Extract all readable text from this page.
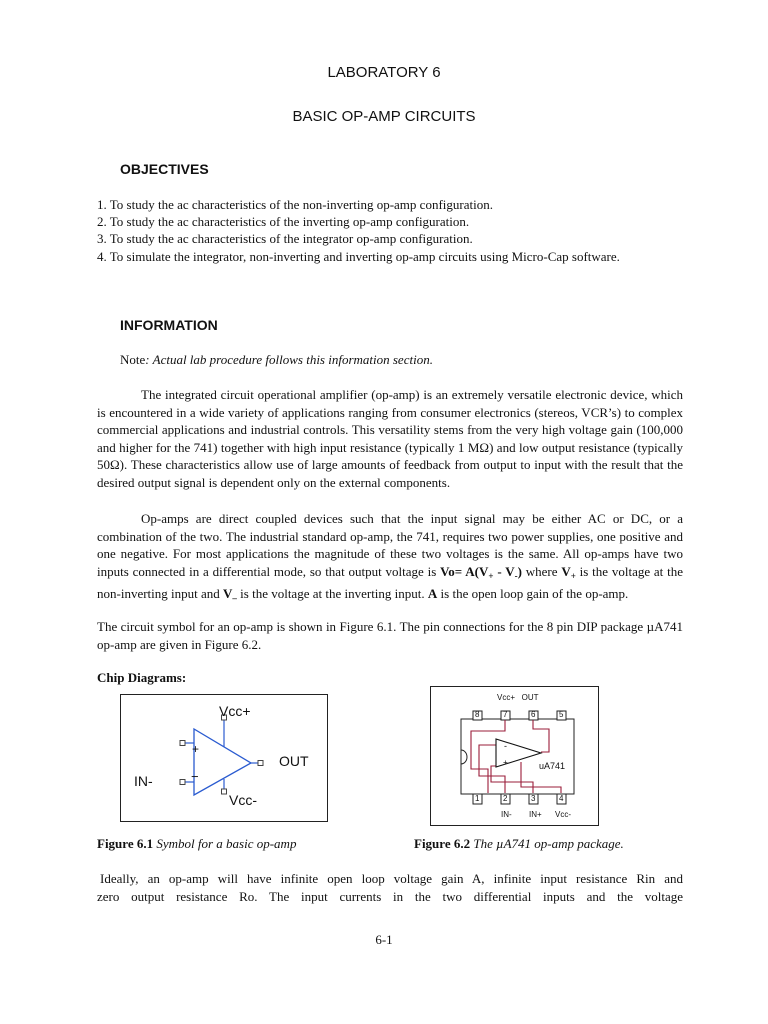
LABORATORY 6
BASIC OP-AMP CIRCUITS
OBJECTIVES
1. To study the ac characteristics of the non-inverting op-amp configuration.
2. To study the ac characteristics of the inverting op-amp configuration.
3. To study the ac characteristics of the integrator op-amp configuration.

4. To simulate the integrator, non-inverting and inverting op-amp circuits using Micro-Cap software.

INFORMATION
Note: Actual lab procedure follows this information section.

The integrated circuit operational amplifier (op-amp) is an extremely versatile electronic device, which is encountered in a wide variety of applications ranging from consumer electronics (stereos, VCR’s) to complex commercial applications and industrial controls. This versatility stems from the very high voltage gain (100,000 and higher for the 741) together with high input resistance (typically 1 MΩ) and low output resistance (typically 50Ω). These characteristics allow use of large amounts of feedback from output to input with the result that the desired output signal is dependent only on the external components.

Op-amps are direct coupled devices such that the input signal may be either AC or DC, or a combination of the two. The industrial standard op-amp, the 741, requires two power supplies, one positive and one negative. For most applications the magnitude of these two voltages is the same. All op-amps have two inputs connected in a differential mode, so that output voltage is $Vo= A(V_+ - V_-)$ where $V_+$ is the voltage at the non-inverting input and $V_-$ is the voltage at the inverting input. A is the open loop gain of the op-amp.

The circuit symbol for an op-amp is shown in Figure 6.1. The pin connections for the 8 pin DIP package µA741 op-amp are given in Figure 6.2.

Chip Diagrams:
Vcc+
+
−
OUT
IN-
Vcc-
Figure 6.1 Symbol for a basic op-amp
Vcc+   OUT
8	7	6	5
1	2	3	4
-
+	uA741
IN- IN+ Vcc-
Figure 6.2 The µA741 op-amp package.

Ideally, an op-amp will have infinite open loop voltage gain A, infinite input resistance Rin and

zero output resistance Ro. The input currents in the two differential inputs and the voltage

6-1
